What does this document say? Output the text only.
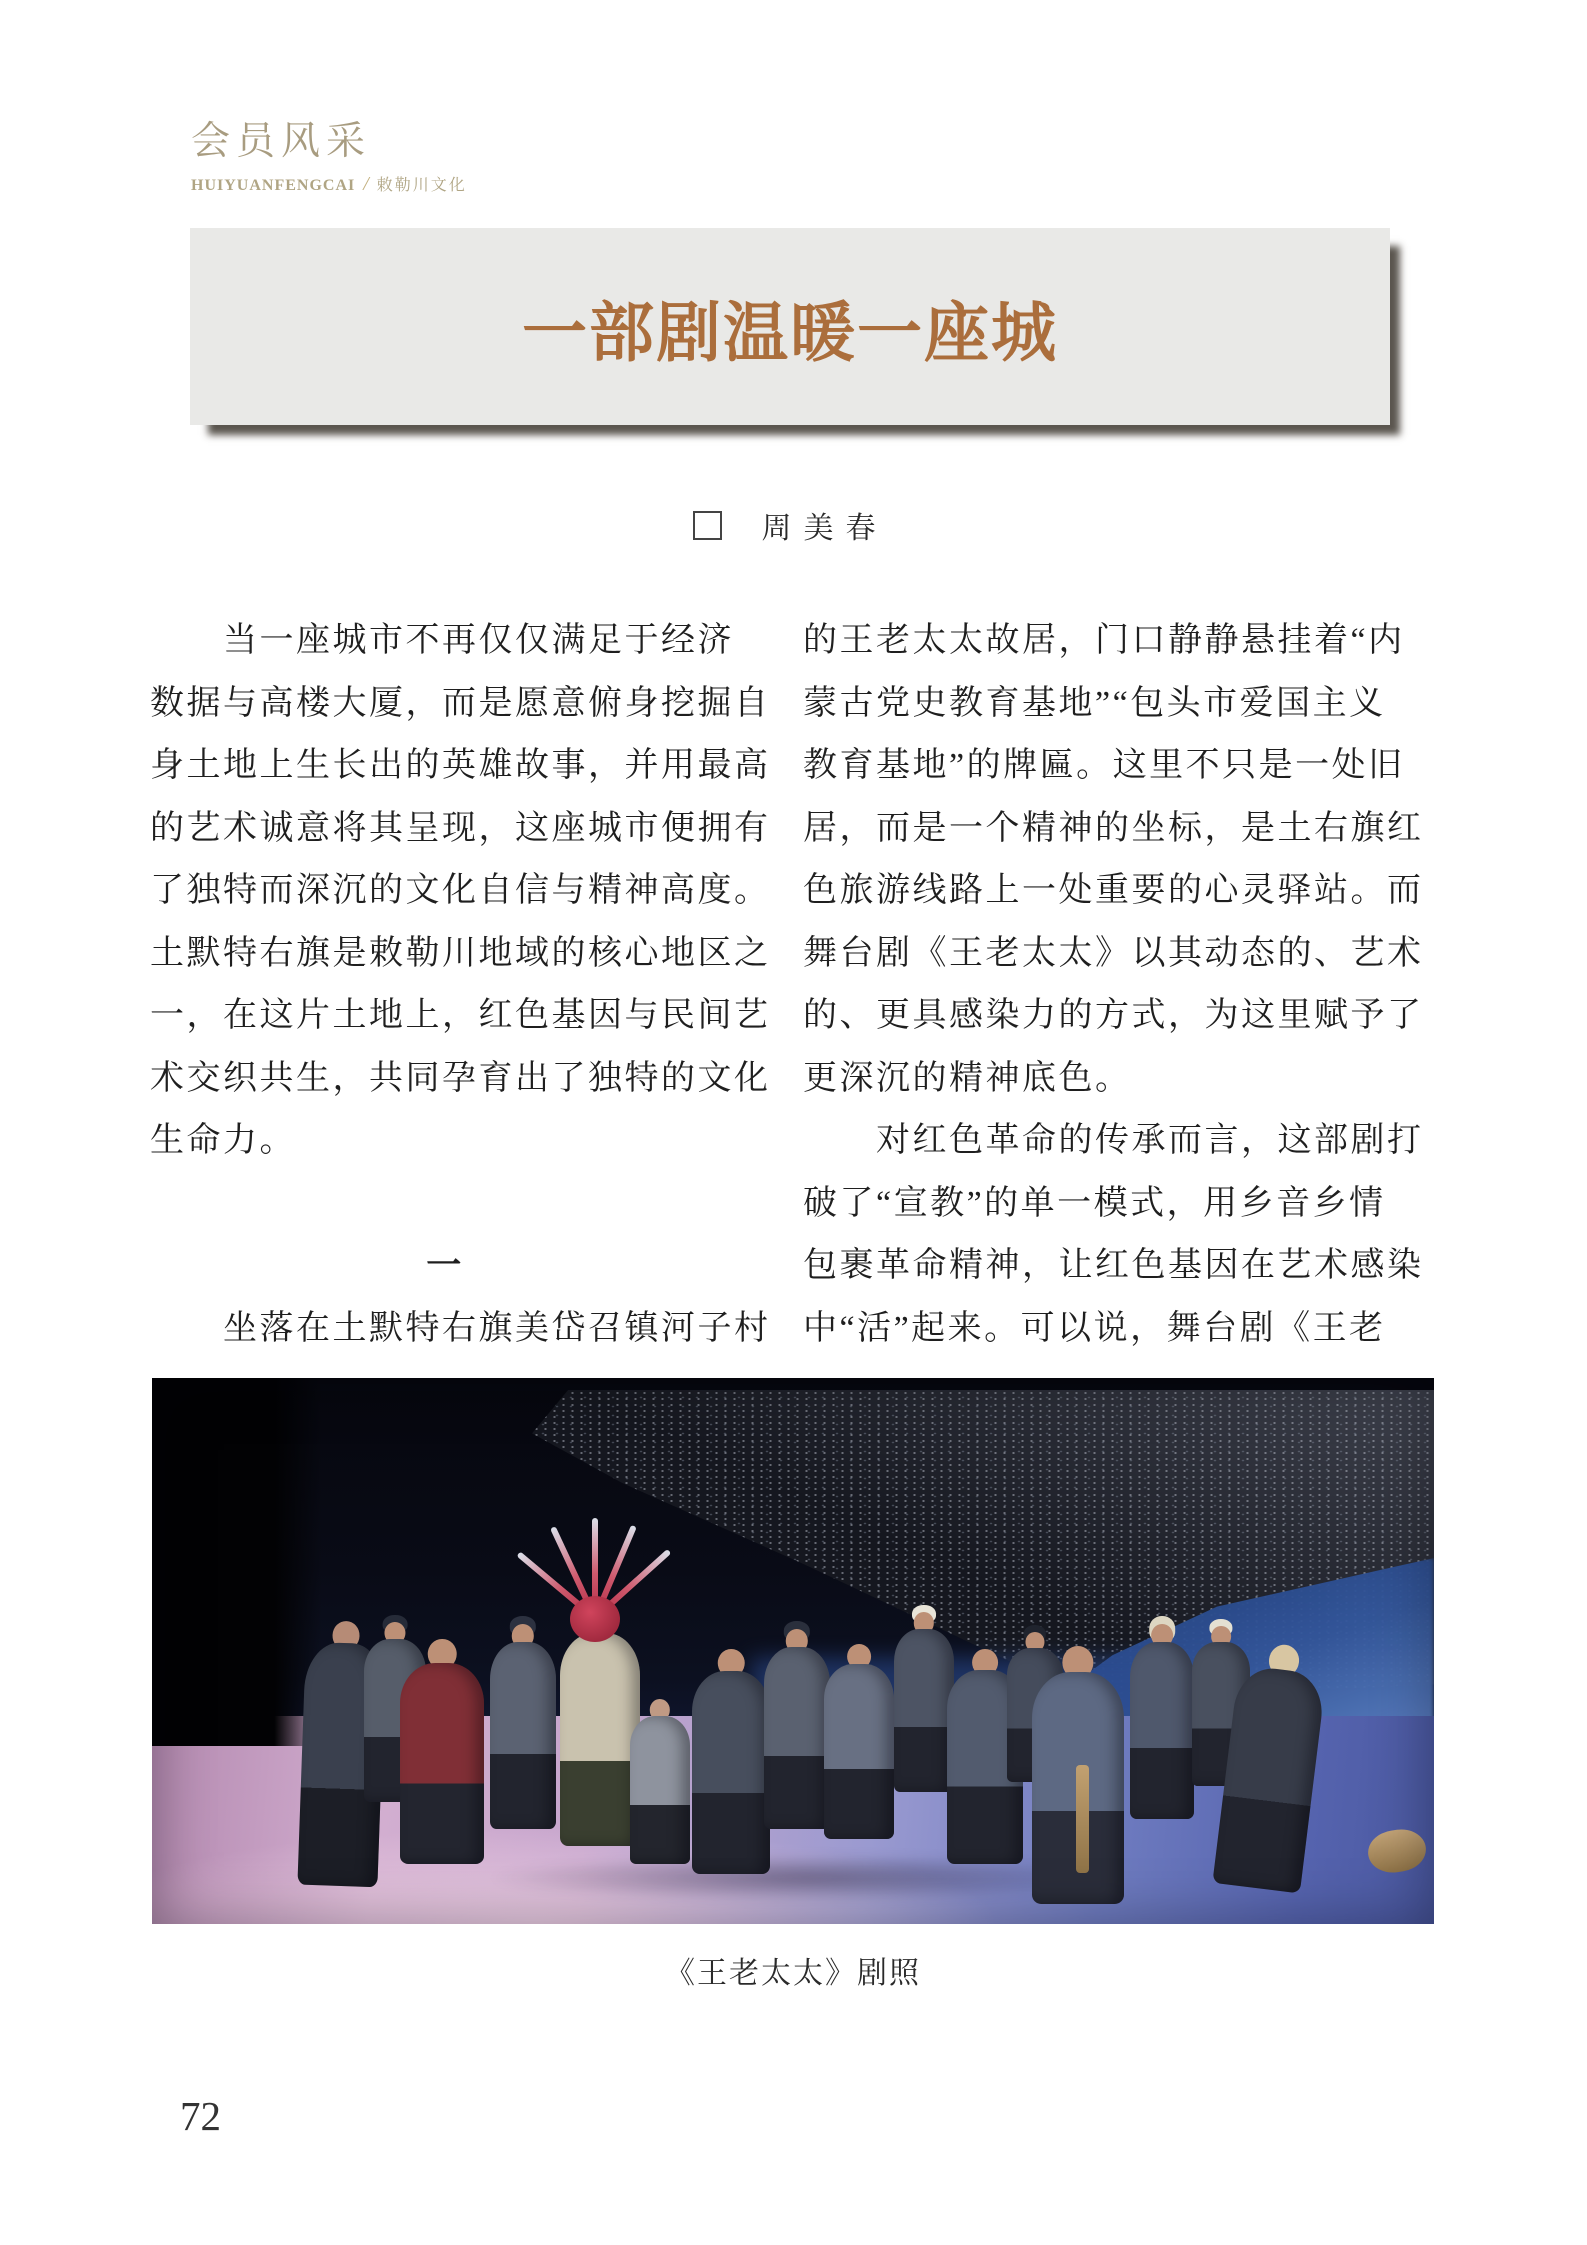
会员风采
HUIYUANFENGCAI / 敕勒川文化
一部剧温暖一座城
周美春
　　当一座城市不再仅仅满足于经济
数据与高楼大厦，而是愿意俯身挖掘自
身土地上生长出的英雄故事，并用最高
的艺术诚意将其呈现，这座城市便拥有
了独特而深沉的文化自信与精神高度。
土默特右旗是敕勒川地域的核心地区之
一，在这片土地上，红色基因与民间艺
术交织共生，共同孕育出了独特的文化
生命力。
一
　　坐落在土默特右旗美岱召镇河子村
的王老太太故居，门口静静悬挂着“内
蒙古党史教育基地”“包头市爱国主义
教育基地”的牌匾。这里不只是一处旧
居，而是一个精神的坐标，是土右旗红
色旅游线路上一处重要的心灵驿站。而
舞台剧《王老太太》以其动态的、艺术
的、更具感染力的方式，为这里赋予了
更深沉的精神底色。
　　对红色革命的传承而言，这部剧打
破了“宣教”的单一模式，用乡音乡情
包裹革命精神，让红色基因在艺术感染
中“活”起来。可以说，舞台剧《王老
《王老太太》剧照
72
